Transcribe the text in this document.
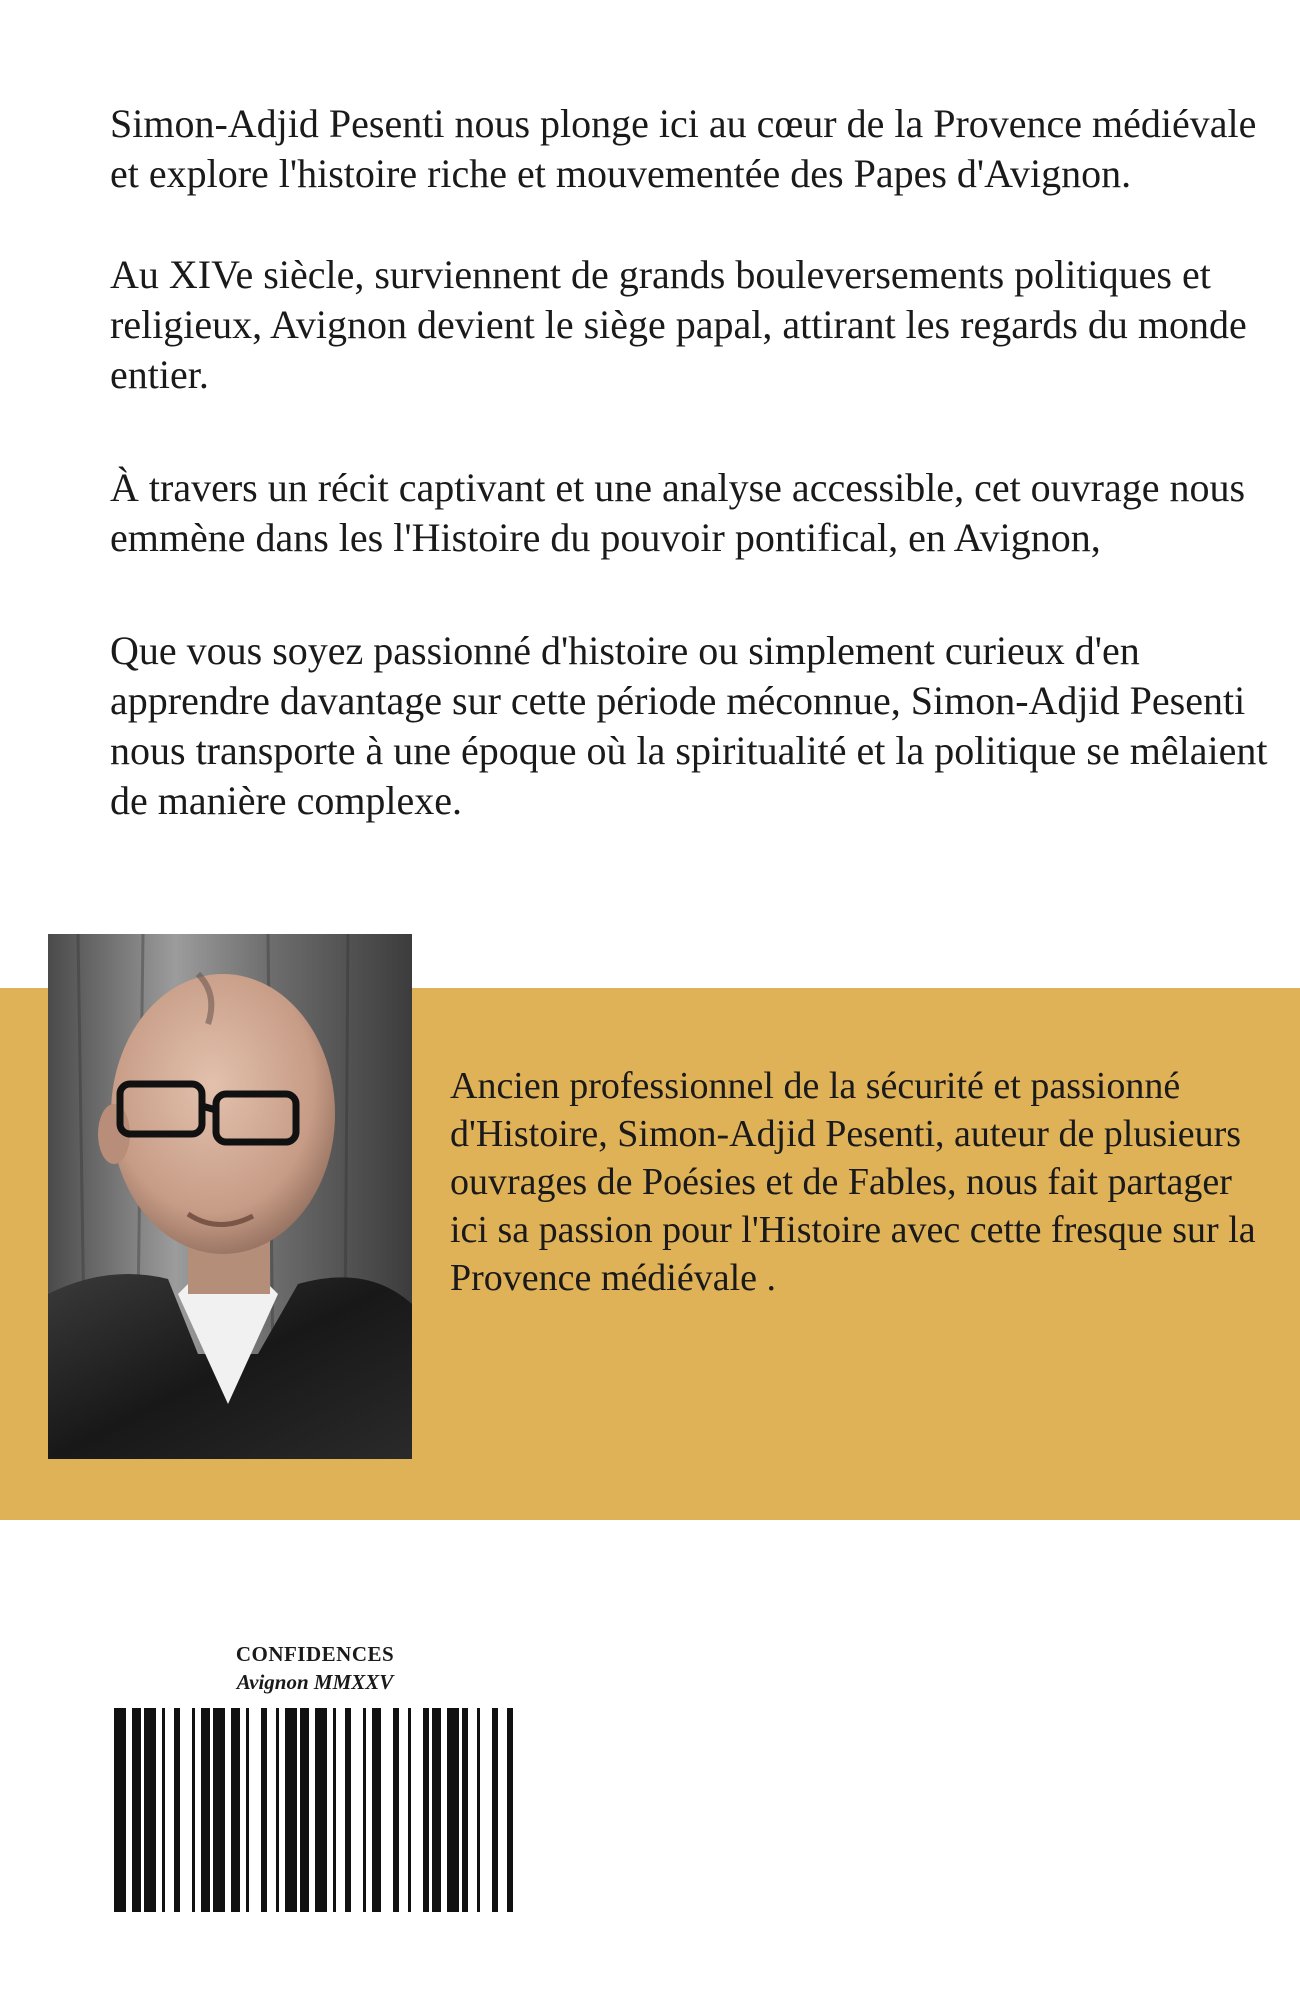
Simon-Adjid Pesenti nous plonge ici au cœur de la Provence médiévale et explore l'histoire riche et mouvementée des Papes d'Avignon.

Au XIVe siècle, surviennent de grands bouleversements politiques et religieux, Avignon devient le siège papal, attirant les regards du monde entier.

À travers un récit captivant et une analyse accessible, cet ouvrage nous emmène dans les l'Histoire du pouvoir pontifical, en Avignon,

Que vous soyez passionné d'histoire ou simplement curieux d'en apprendre davantage sur cette période méconnue, Simon-Adjid Pesenti nous transporte à une époque où la spiritualité et la politique se mêlaient de manière complexe.

Ancien professionnel de la sécurité et passionné d'Histoire, Simon-Adjid Pesenti, auteur de plusieurs ouvrages de Poésies et de Fables, nous fait partager ici sa passion pour l'Histoire avec cette fresque sur la Provence médiévale .

CONFIDENCES

Avignon MMXXV
